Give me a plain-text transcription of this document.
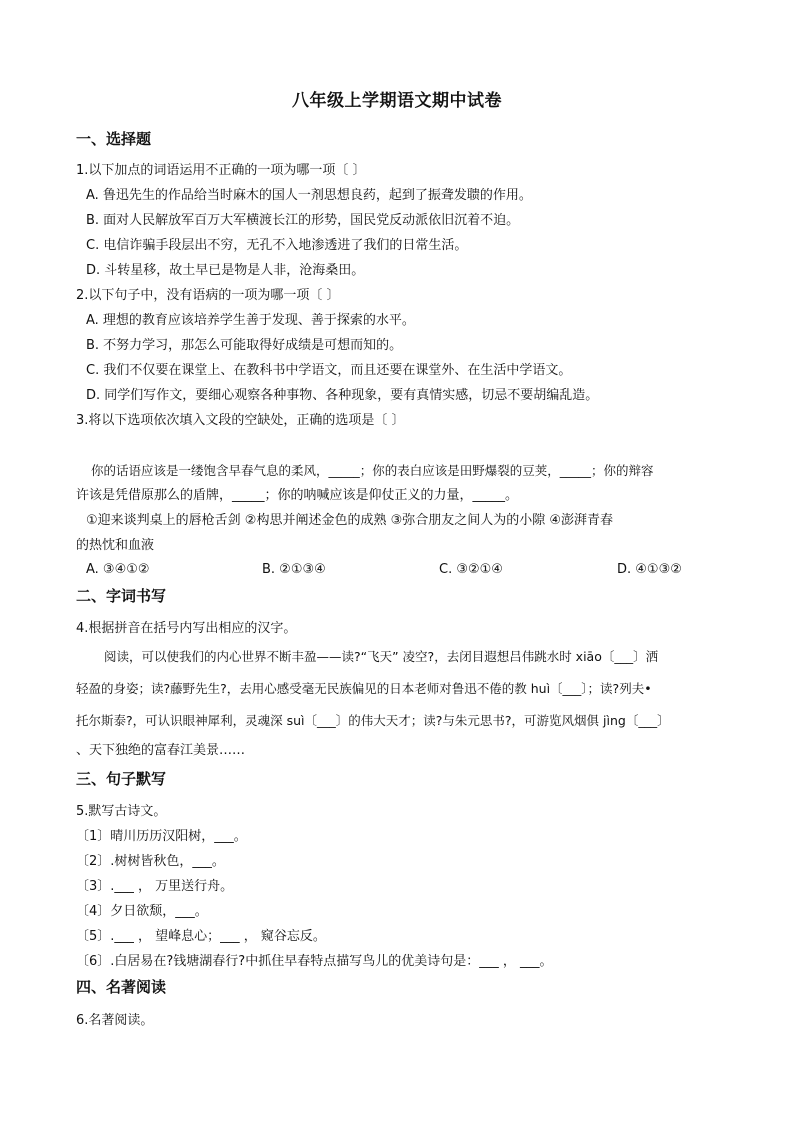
八年级上学期语文期中试卷
一、选择题
1.以下加点的词语运用不正确的一项为哪一项〔 〕
A. 鲁迅先生的作品给当时麻木的国人一剂思想良药，起到了振聋发聩的作用。
B. 面对人民解放军百万大军横渡长江的形势，国民党反动派依旧沉着不迫。
C. 电信诈骗手段层出不穷，无孔不入地渗透进了我们的日常生活。
D. 斗转星移，故土早已是物是人非，沧海桑田。
2.以下句子中，没有语病的一项为哪一项〔 〕
A. 理想的教育应该培养学生善于发现、善于探索的水平。
B. 不努力学习，那怎么可能取得好成绩是可想而知的。
C. 我们不仅要在课堂上、在教科书中学语文，而且还要在课堂外、在生活中学语文。
D. 同学们写作文，要细心观察各种事物、各种现象，要有真情实感，切忌不要胡编乱造。
3.将以下选项依次填入文段的空缺处，正确的选项是〔 〕
你的话语应该是一缕饱含早春气息的柔风，_____；你的表白应该是田野爆裂的豆荚，_____；你的辩容
许该是凭借原那么的盾牌，_____；你的呐喊应该是仰仗正义的力量，_____。
①迎来谈判桌上的唇枪舌剑 ②构思并阐述金色的成熟 ③弥合朋友之间人为的小隙 ④澎湃青春
的热忱和血液
A. ③④①②	B. ②①③④	C. ③②①④	D. ④①③②
二、字词书写
4.根据拼音在括号内写出相应的汉字。
阅读，可以使我们的内心世界不断丰盈——读?“飞天” 凌空?，去闭目遐想吕伟跳水时 xiāo〔___〕洒
轻盈的身姿；读?藤野先生?，去用心感受毫无民族偏见的日本老师对鲁迅不倦的教 huì〔___〕；读?列夫•
托尔斯泰?，可认识眼神犀利，灵魂深 suì〔___〕的伟大天才；读?与朱元思书?，可游览风烟俱 jìng〔___〕
、天下独绝的富春江美景……
三、句子默写
5.默写古诗文。
〔1〕晴川历历汉阳树，___。
〔2〕.树树皆秋色，___。
〔3〕.___ ， 万里送行舟。
〔4〕夕日欲颓，___。
〔5〕.___ ， 望峰息心；___ ， 窥谷忘反。
〔6〕.白居易在?钱塘湖春行?中抓住早春特点描写鸟儿的优美诗句是：___ ， ___。
四、名著阅读
6.名著阅读。
